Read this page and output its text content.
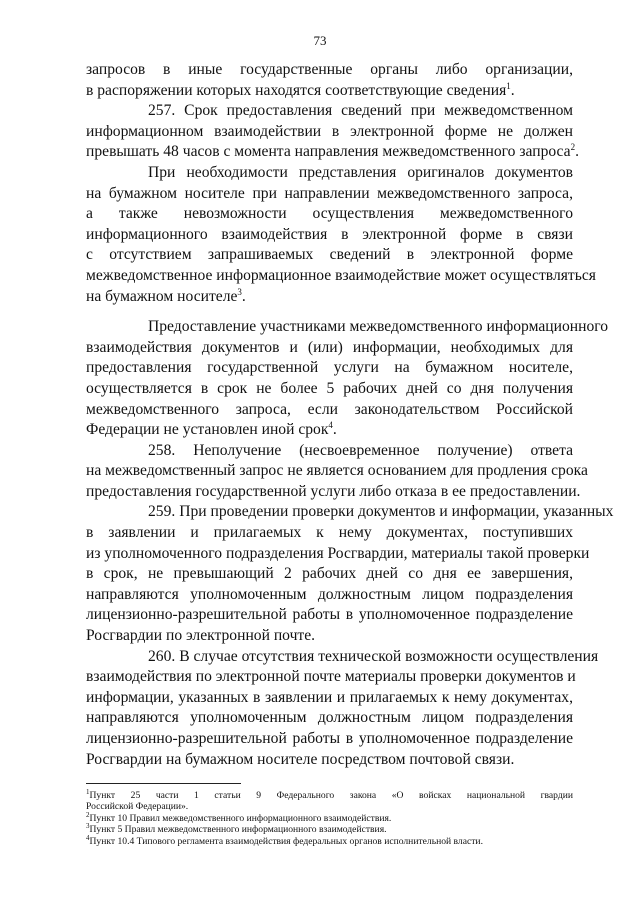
73
запросов в иные государственные органы либо организации,
в распоряжении которых находятся соответствующие сведения$^1$.
257. Срок предоставления сведений при межведомственном
информационном взаимодействии в электронной форме не должен
превышать 48 часов с момента направления межведомственного запроса$^2$.
При необходимости представления оригиналов документов
на бумажном носителе при направлении межведомственного запроса,
а также невозможности осуществления межведомственного
информационного взаимодействия в электронной форме в связи
с отсутствием запрашиваемых сведений в электронной форме
межведомственное информационное взаимодействие может осуществляться
на бумажном носителе$^3$.
Предоставление участниками межведомственного информационного
взаимодействия документов и (или) информации, необходимых для
предоставления государственной услуги на бумажном носителе,
осуществляется в срок не более 5 рабочих дней со дня получения
межведомственного запроса, если законодательством Российской
Федерации не установлен иной срок$^4$.
258. Неполучение (несвоевременное получение) ответа
на межведомственный запрос не является основанием для продления срока
предоставления государственной услуги либо отказа в ее предоставлении.
259. При проведении проверки документов и информации, указанных
в заявлении и прилагаемых к нему документах, поступивших
из уполномоченного подразделения Росгвардии, материалы такой проверки
в срок, не превышающий 2 рабочих дней со дня ее завершения,
направляются уполномоченным должностным лицом подразделения
лицензионно-разрешительной работы в уполномоченное подразделение
Росгвардии по электронной почте.
260. В случае отсутствия технической возможности осуществления
взаимодействия по электронной почте материалы проверки документов и
информации, указанных в заявлении и прилагаемых к нему документах,
направляются уполномоченным должностным лицом подразделения
лицензионно-разрешительной работы в уполномоченное подразделение
Росгвардии на бумажном носителе посредством почтовой связи.
$^1$Пункт 25 части 1 статьи 9 Федерального закона «О войсках национальной гвардии
Российской Федерации».
$^2$Пункт 10 Правил межведомственного информационного взаимодействия.
$^3$Пункт 5 Правил межведомственного информационного взаимодействия.
$^4$Пункт 10.4 Типового регламента взаимодействия федеральных органов исполнительной власти.
